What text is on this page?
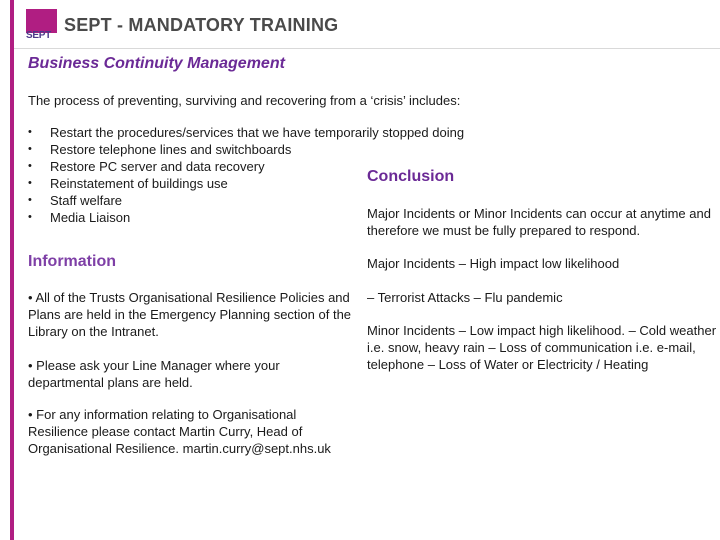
SEPT
SEPT - MANDATORY TRAINING
Business Continuity Management
The process of preventing, surviving and recovering from a ‘crisis’ includes:
• Restart the procedures/services that we have temporarily stopped doing
• Restore telephone lines and switchboards
• Restore PC server and data recovery
• Reinstatement of buildings use
• Staff welfare
• Media Liaison
Information
• All of the Trusts Organisational Resilience Policies and Plans are held in the Emergency Planning section of the Library on the Intranet.
• Please ask your Line Manager where your departmental plans are held.
• For any information relating to Organisational Resilience please contact Martin Curry, Head of Organisational Resilience. martin.curry@sept.nhs.uk
Conclusion
Major Incidents or Minor Incidents can occur at anytime and therefore we must be fully prepared to respond.
Major Incidents – High impact low likelihood
– Terrorist Attacks – Flu pandemic
Minor Incidents – Low impact high likelihood. – Cold weather i.e. snow, heavy rain – Loss of communication i.e. e-mail, telephone – Loss of Water or Electricity / Heating
